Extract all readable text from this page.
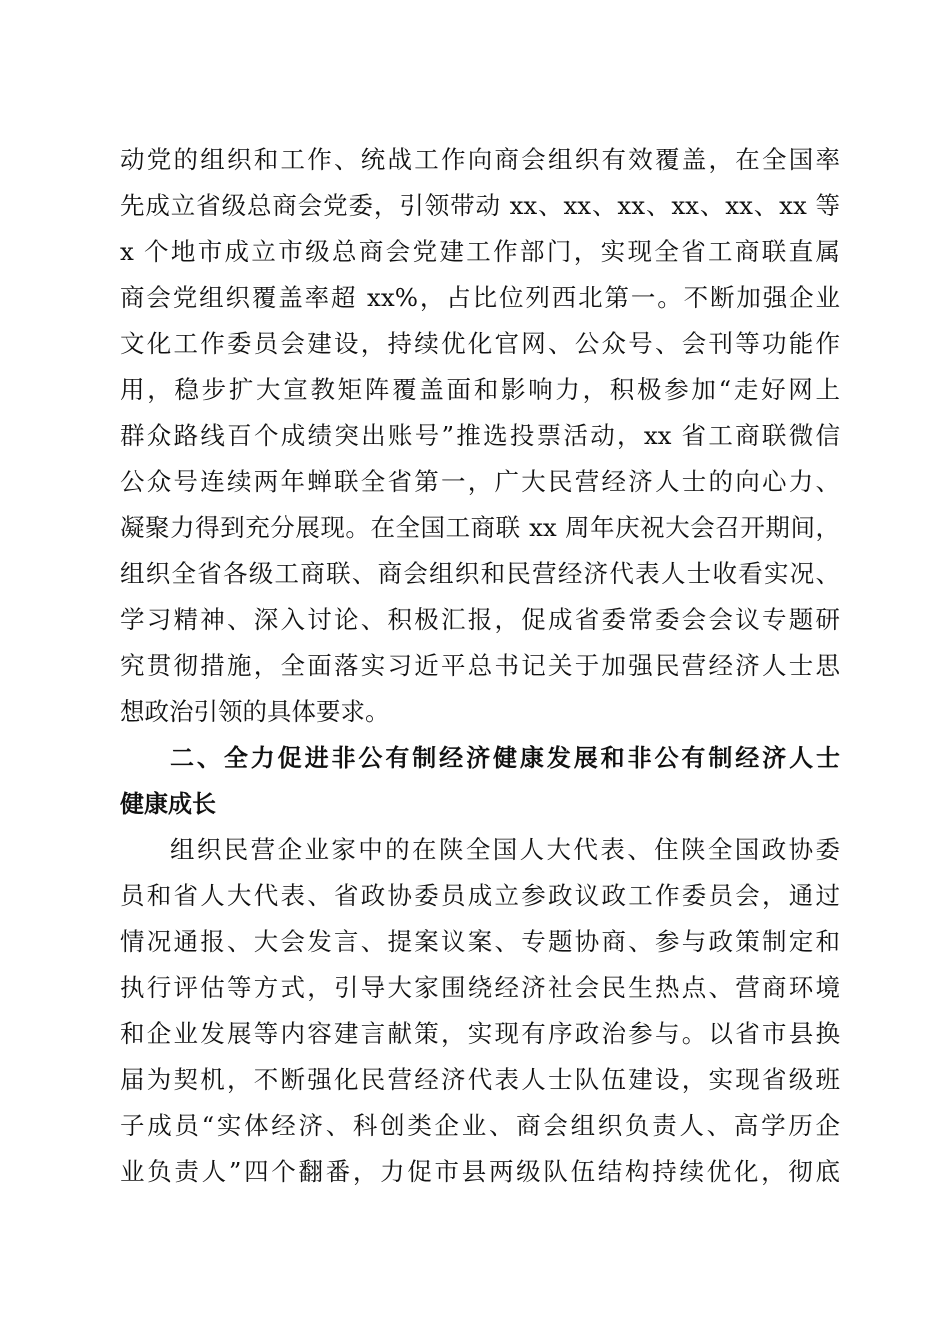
动党的组织和工作、统战工作向商会组织有效覆盖，在全国率
先成立省级总商会党委，引领带动 xx、xx、xx、xx、xx、xx 等
x 个地市成立市级总商会党建工作部门，实现全省工商联直属
商会党组织覆盖率超 xx%，占比位列西北第一。不断加强企业
文化工作委员会建设，持续优化官网、公众号、会刊等功能作
用，稳步扩大宣教矩阵覆盖面和影响力，积极参加“走好网上
群众路线百个成绩突出账号”推选投票活动，xx 省工商联微信
公众号连续两年蝉联全省第一，广大民营经济人士的向心力、
凝聚力得到充分展现。在全国工商联 xx 周年庆祝大会召开期间，
组织全省各级工商联、商会组织和民营经济代表人士收看实况、
学习精神、深入讨论、积极汇报，促成省委常委会会议专题研
究贯彻措施，全面落实习近平总书记关于加强民营经济人士思
想政治引领的具体要求。
二、全力促进非公有制经济健康发展和非公有制经济人士
健康成长
组织民营企业家中的在陕全国人大代表、住陕全国政协委
员和省人大代表、省政协委员成立参政议政工作委员会，通过
情况通报、大会发言、提案议案、专题协商、参与政策制定和
执行评估等方式，引导大家围绕经济社会民生热点、营商环境
和企业发展等内容建言献策，实现有序政治参与。以省市县换
届为契机，不断强化民营经济代表人士队伍建设，实现省级班
子成员“实体经济、科创类企业、商会组织负责人、高学历企
业负责人”四个翻番，力促市县两级队伍结构持续优化，彻底
